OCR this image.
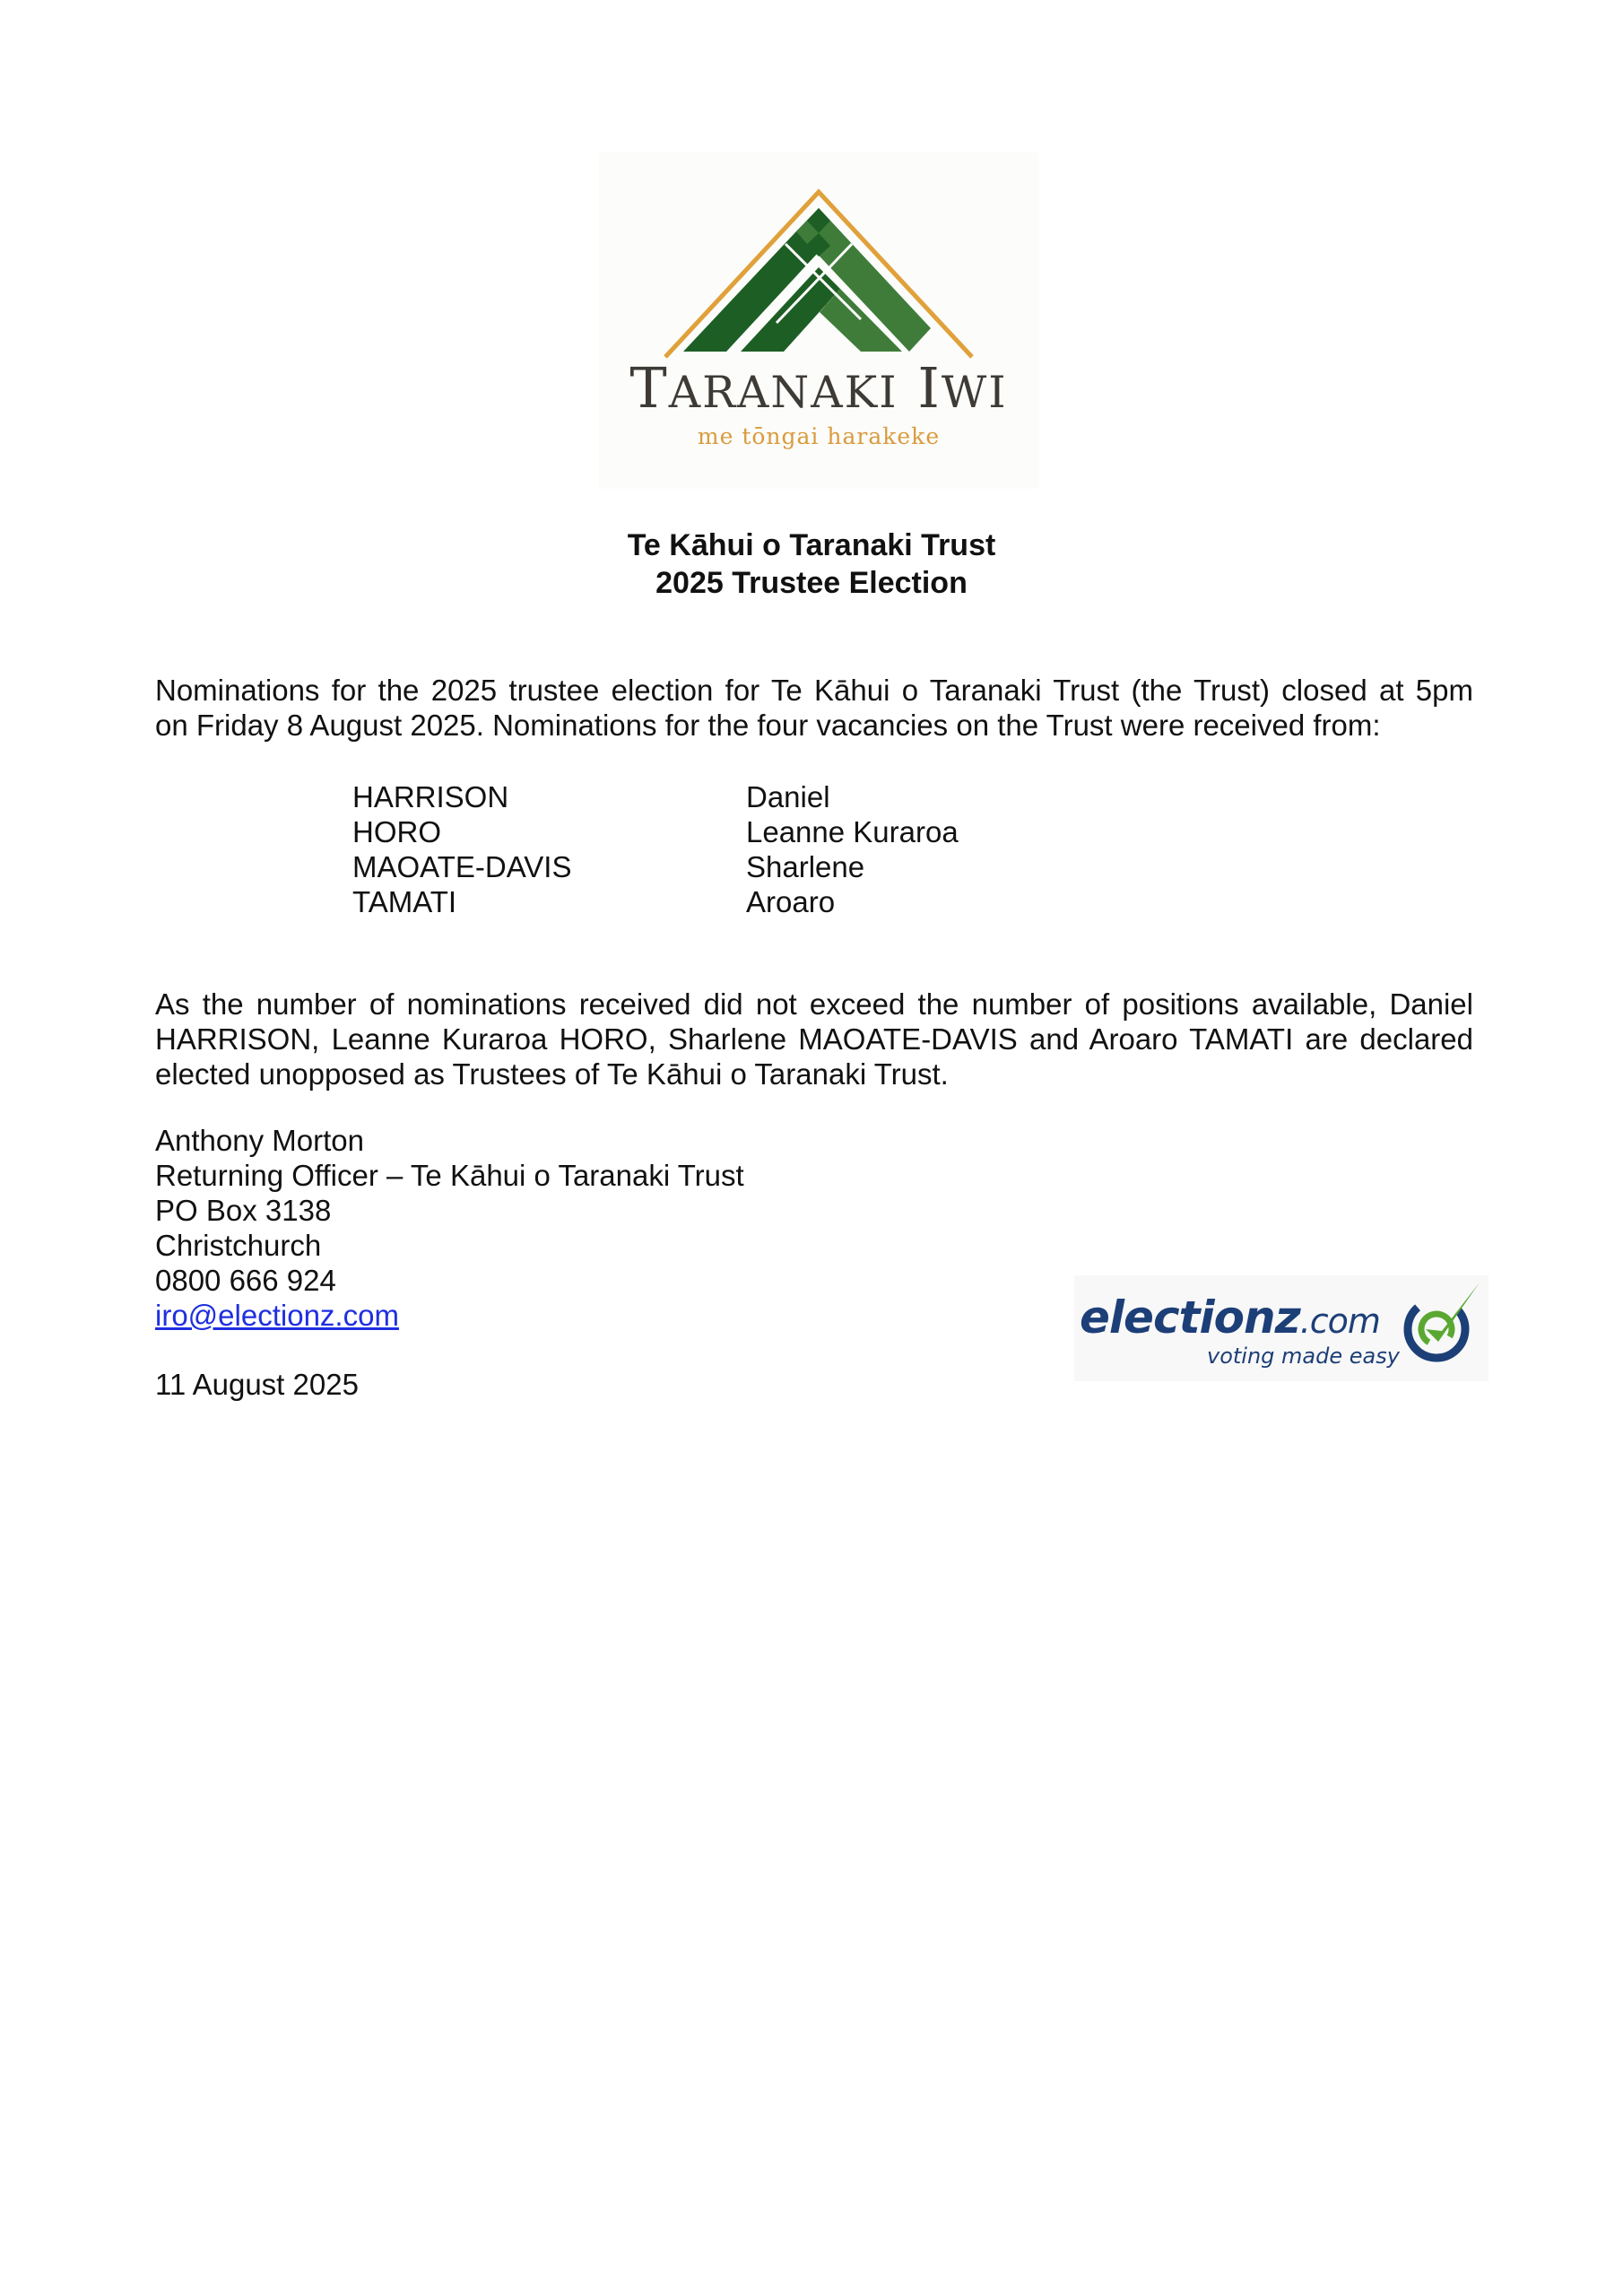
TARANAKI IWI
me tōngai harakeke
Te Kāhui o Taranaki Trust
2025 Trustee Election
Nominations for the 2025 trustee election for Te Kāhui o Taranaki Trust (the Trust) closed at 5pm
on Friday 8 August 2025. Nominations for the four vacancies on the Trust were received from:
HARRISON	Daniel
HORO	Leanne Kuraroa
MAOATE-DAVIS	Sharlene
TAMATI	Aroaro
As the number of nominations received did not exceed the number of positions available, Daniel
HARRISON, Leanne Kuraroa HORO, Sharlene MAOATE-DAVIS and Aroaro TAMATI are declared
elected unopposed as Trustees of Te Kāhui o Taranaki Trust.
Anthony Morton
Returning Officer – Te Kāhui o Taranaki Trust
PO Box 3138
Christchurch
0800 666 924
iro@electionz.com
11 August 2025
electionz.com
voting made easy
